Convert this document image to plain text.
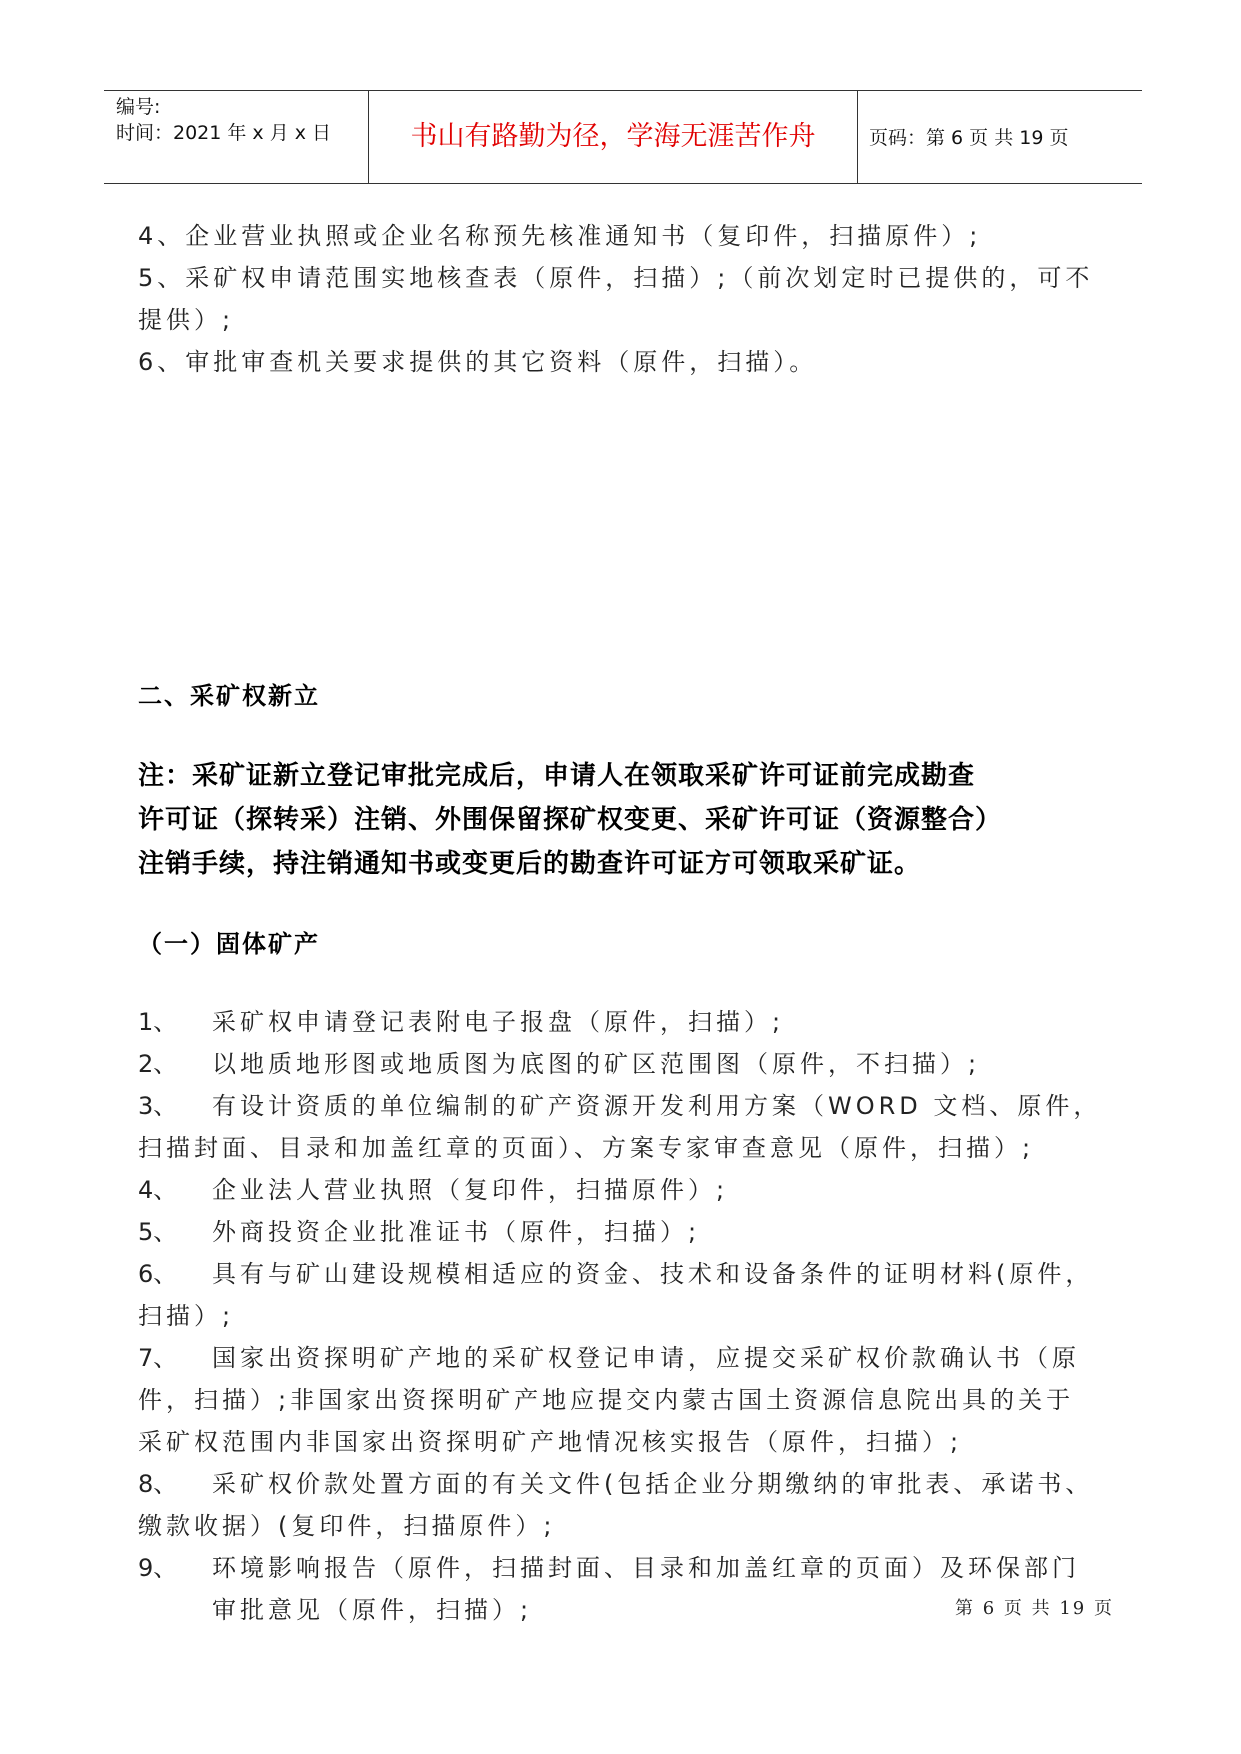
编号:
时间：2021 年 x 月 x 日	书山有路勤为径，学海无涯苦作舟	页码：第 6 页 共 19 页
4、企业营业执照或企业名称预先核准通知书（复印件，扫描原件）;
5、采矿权申请范围实地核查表（原件，扫描）;（前次划定时已提供的，可不
提供）;
6、审批审查机关要求提供的其它资料（原件，扫描）。
二、采矿权新立
注：采矿证新立登记审批完成后，申请人在领取采矿许可证前完成勘查
许可证（探转采）注销、外围保留探矿权变更、采矿许可证（资源整合）
注销手续，持注销通知书或变更后的勘查许可证方可领取采矿证。
（一）固体矿产
1、 采矿权申请登记表附电子报盘（原件，扫描）;
2、 以地质地形图或地质图为底图的矿区范围图（原件，不扫描）;
3、 有设计资质的单位编制的矿产资源开发利用方案（WORD 文档、原件，
扫描封面、目录和加盖红章的页面）、方案专家审查意见（原件，扫描）;
4、 企业法人营业执照（复印件，扫描原件）;
5、 外商投资企业批准证书（原件，扫描）;
6、 具有与矿山建设规模相适应的资金、技术和设备条件的证明材料(原件，
扫描）;
7、 国家出资探明矿产地的采矿权登记申请，应提交采矿权价款确认书（原
件，扫描）;非国家出资探明矿产地应提交内蒙古国土资源信息院出具的关于
采矿权范围内非国家出资探明矿产地情况核实报告（原件，扫描）;
8、 采矿权价款处置方面的有关文件(包括企业分期缴纳的审批表、承诺书、
缴款收据）(复印件，扫描原件）;
9、 环境影响报告（原件，扫描封面、目录和加盖红章的页面）及环保部门
审批意见（原件，扫描）;	第 6 页 共 19 页
